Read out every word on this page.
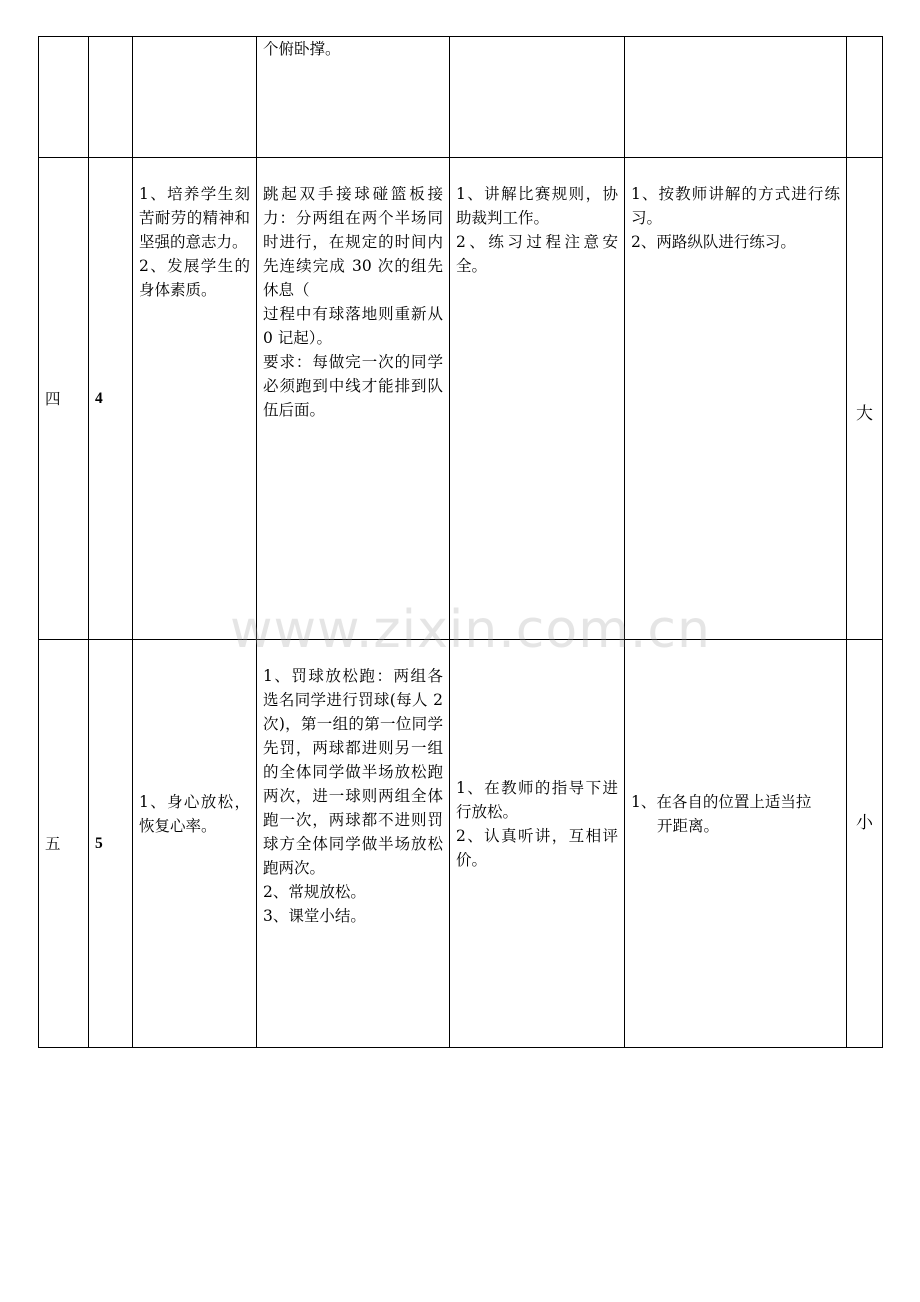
			个俯卧撑。			

四	4	1、培养学生刻苦耐劳的精神和坚强的意志力。
2、发展学生的身体素质。	跳起双手接球碰篮板接力：分两组在两个半场同时进行，在规定的时间内先连续完成 30 次的组先休息（
过程中有球落地则重新从 0 记起）。
要求：每做完一次的同学必须跑到中线才能排到队伍后面。	1、讲解比赛规则，协助裁判工作。
2、练习过程注意安全。	1、按教师讲解的方式进行练习。
2、两路纵队进行练习。	大
五	5	1、身心放松，恢复心率。	1、罚球放松跑：两组各选名同学进行罚球(每人 2 次)，第一组的第一位同学先罚，两球都进则另一组的全体同学做半场放松跑两次，进一球则两组全体跑一次，两球都不进则罚球方全体同学做半场放松跑两次。
2、常规放松。
3、课堂小结。	1、在教师的指导下进行放松。
2、认真听讲，互相评价。	1、在各自的位置上适当拉
开距离。	小
www.zixin.com.cn
